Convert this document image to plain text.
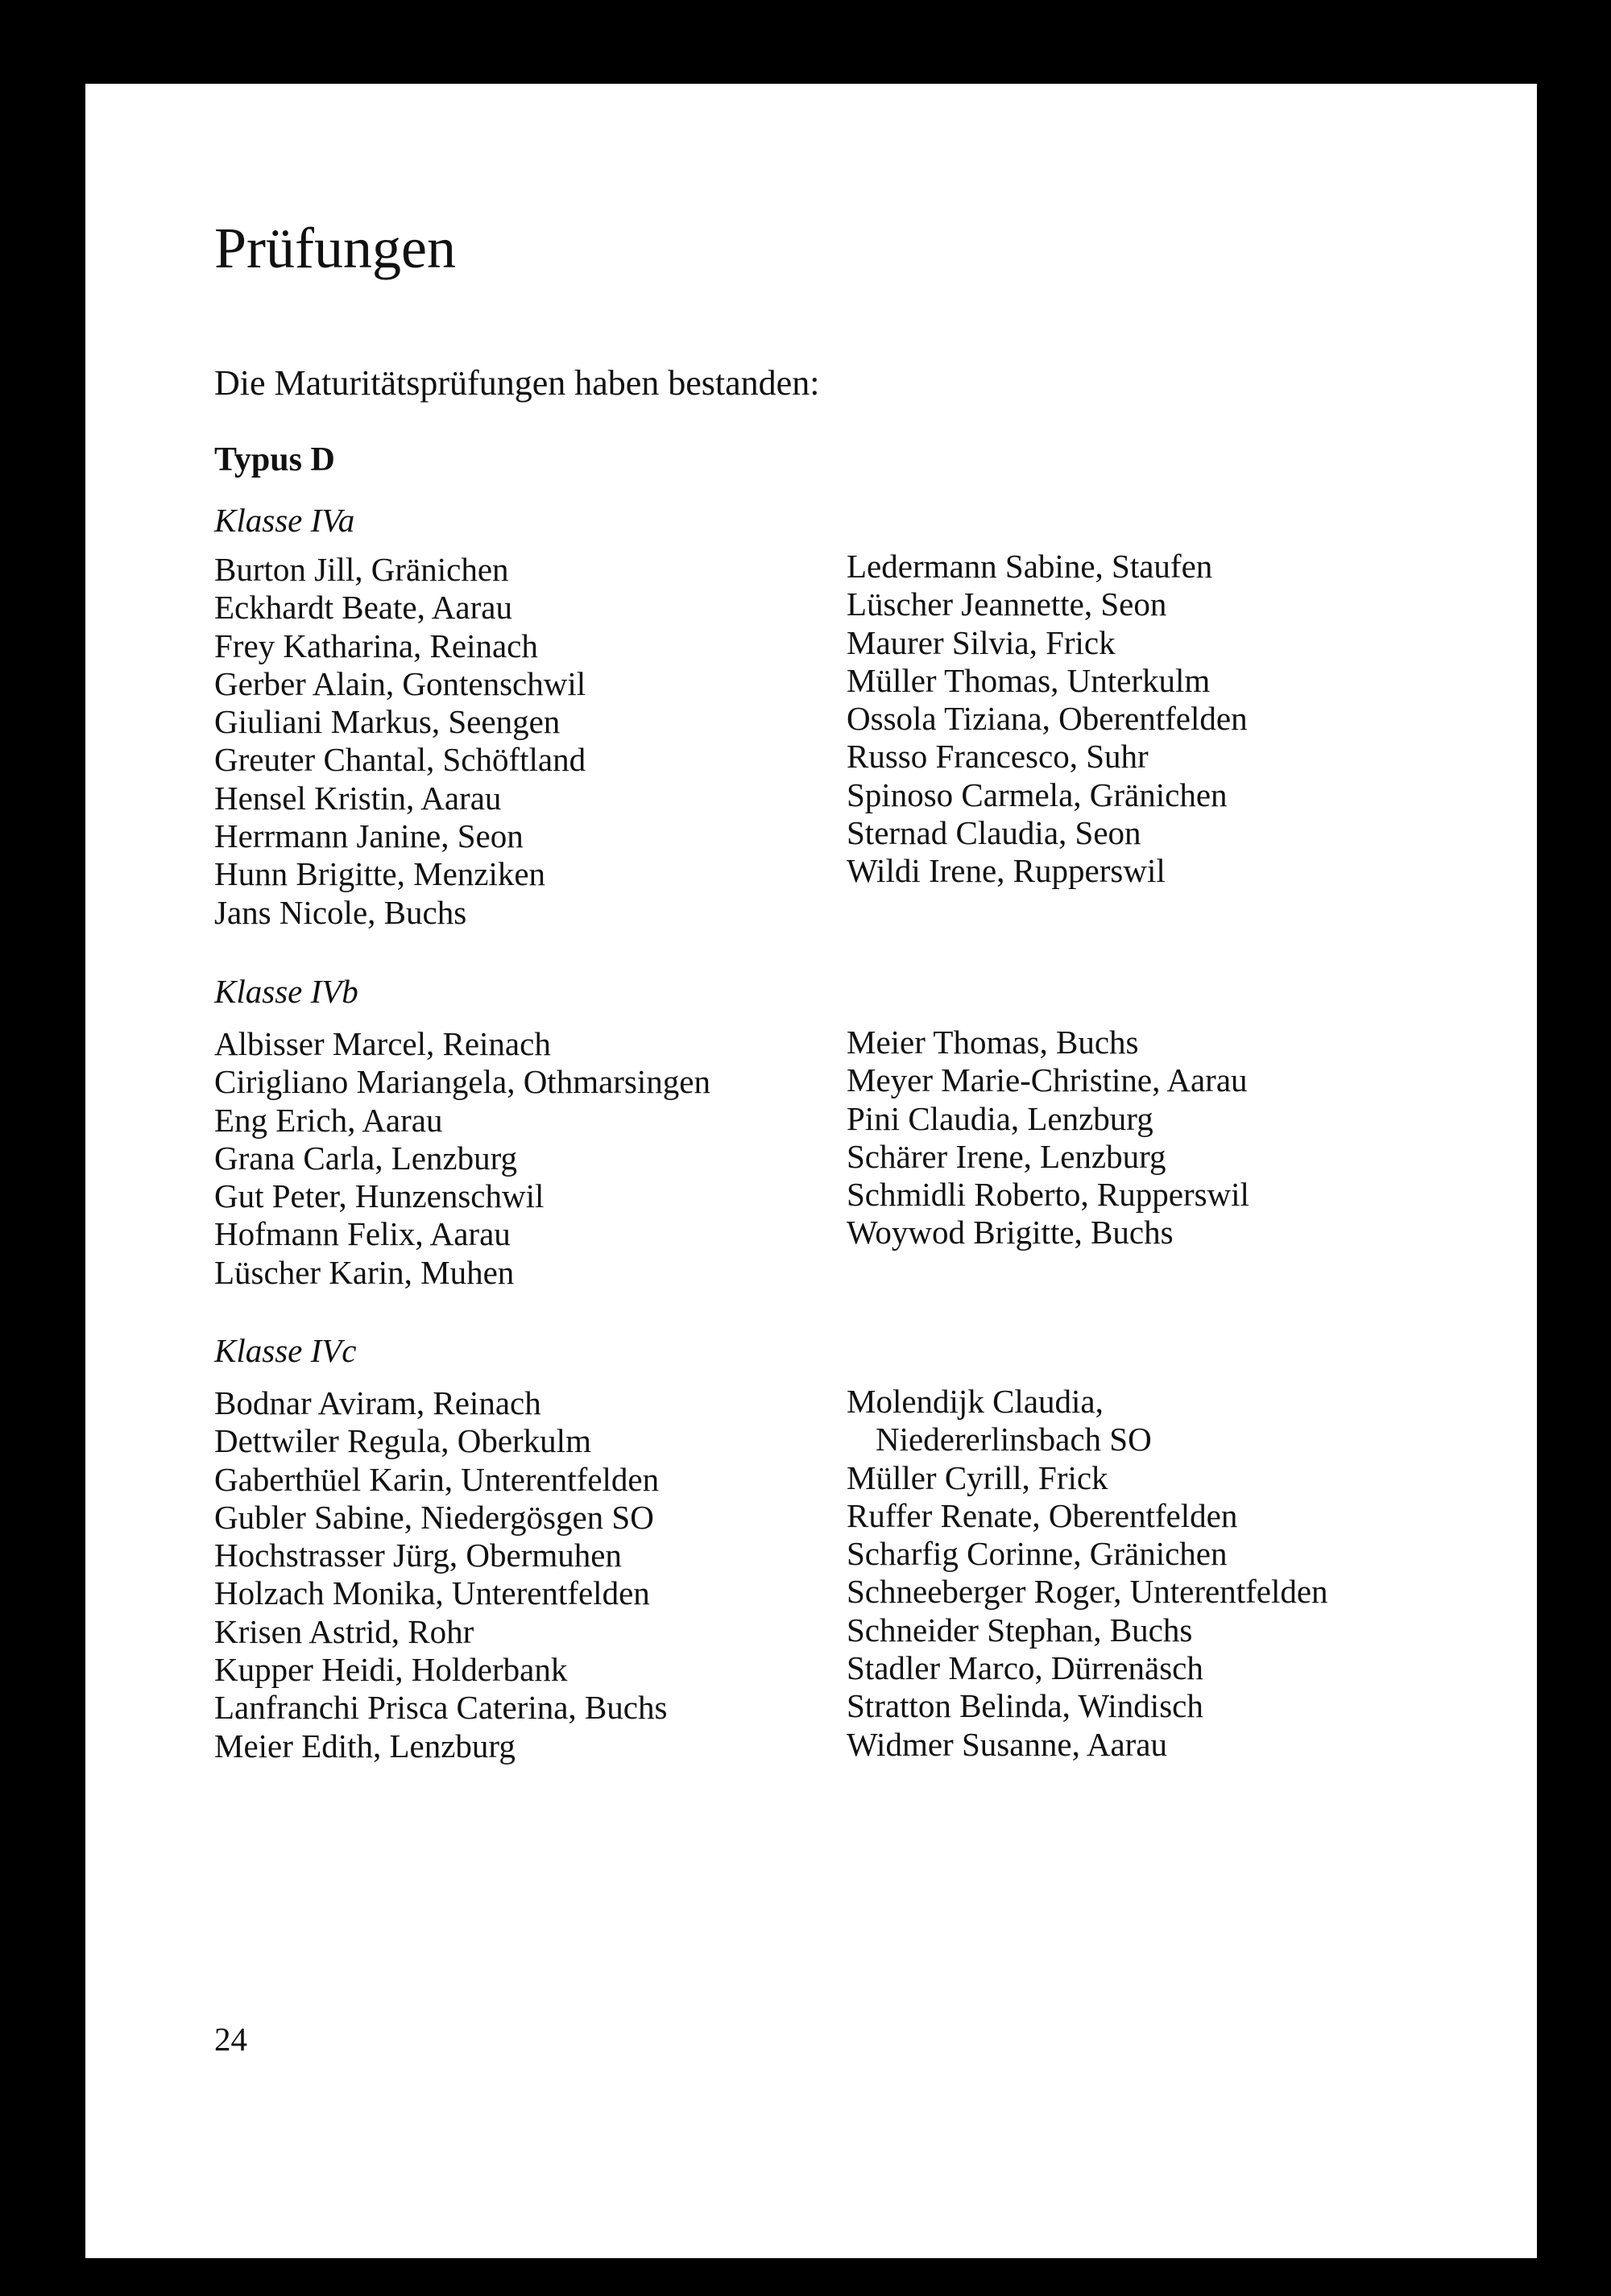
Prüfungen

Die Maturitätsprüfungen haben bestanden:

Typus D
Klasse IVa
Burton Jill, Gränichen
Eckhardt Beate, Aarau
Frey Katharina, Reinach
Gerber Alain, Gontenschwil
Giuliani Markus, Seengen
Greuter Chantal, Schöftland
Hensel Kristin, Aarau
Herrmann Janine, Seon
Hunn Brigitte, Menziken
Jans Nicole, Buchs
Ledermann Sabine, Staufen
Lüscher Jeannette, Seon
Maurer Silvia, Frick
Müller Thomas, Unterkulm
Ossola Tiziana, Oberentfelden
Russo Francesco, Suhr
Spinoso Carmela, Gränichen
Sternad Claudia, Seon
Wildi Irene, Rupperswil
Klasse IVb
Albisser Marcel, Reinach
Cirigliano Mariangela, Othmarsingen
Eng Erich, Aarau
Grana Carla, Lenzburg
Gut Peter, Hunzenschwil
Hofmann Felix, Aarau
Lüscher Karin, Muhen
Meier Thomas, Buchs
Meyer Marie-Christine, Aarau
Pini Claudia, Lenzburg
Schärer Irene, Lenzburg
Schmidli Roberto, Rupperswil
Woywod Brigitte, Buchs
Klasse IVc
Bodnar Aviram, Reinach
Dettwiler Regula, Oberkulm
Gaberthüel Karin, Unterentfelden
Gubler Sabine, Niedergösgen SO
Hochstrasser Jürg, Obermuhen
Holzach Monika, Unterentfelden
Krisen Astrid, Rohr
Kupper Heidi, Holderbank
Lanfranchi Prisca Caterina, Buchs
Meier Edith, Lenzburg
Molendijk Claudia,
Niedererlinsbach SO
Müller Cyrill, Frick
Ruffer Renate, Oberentfelden
Scharfig Corinne, Gränichen
Schneeberger Roger, Unterentfelden
Schneider Stephan, Buchs
Stadler Marco, Dürrenäsch
Stratton Belinda, Windisch
Widmer Susanne, Aarau

24
